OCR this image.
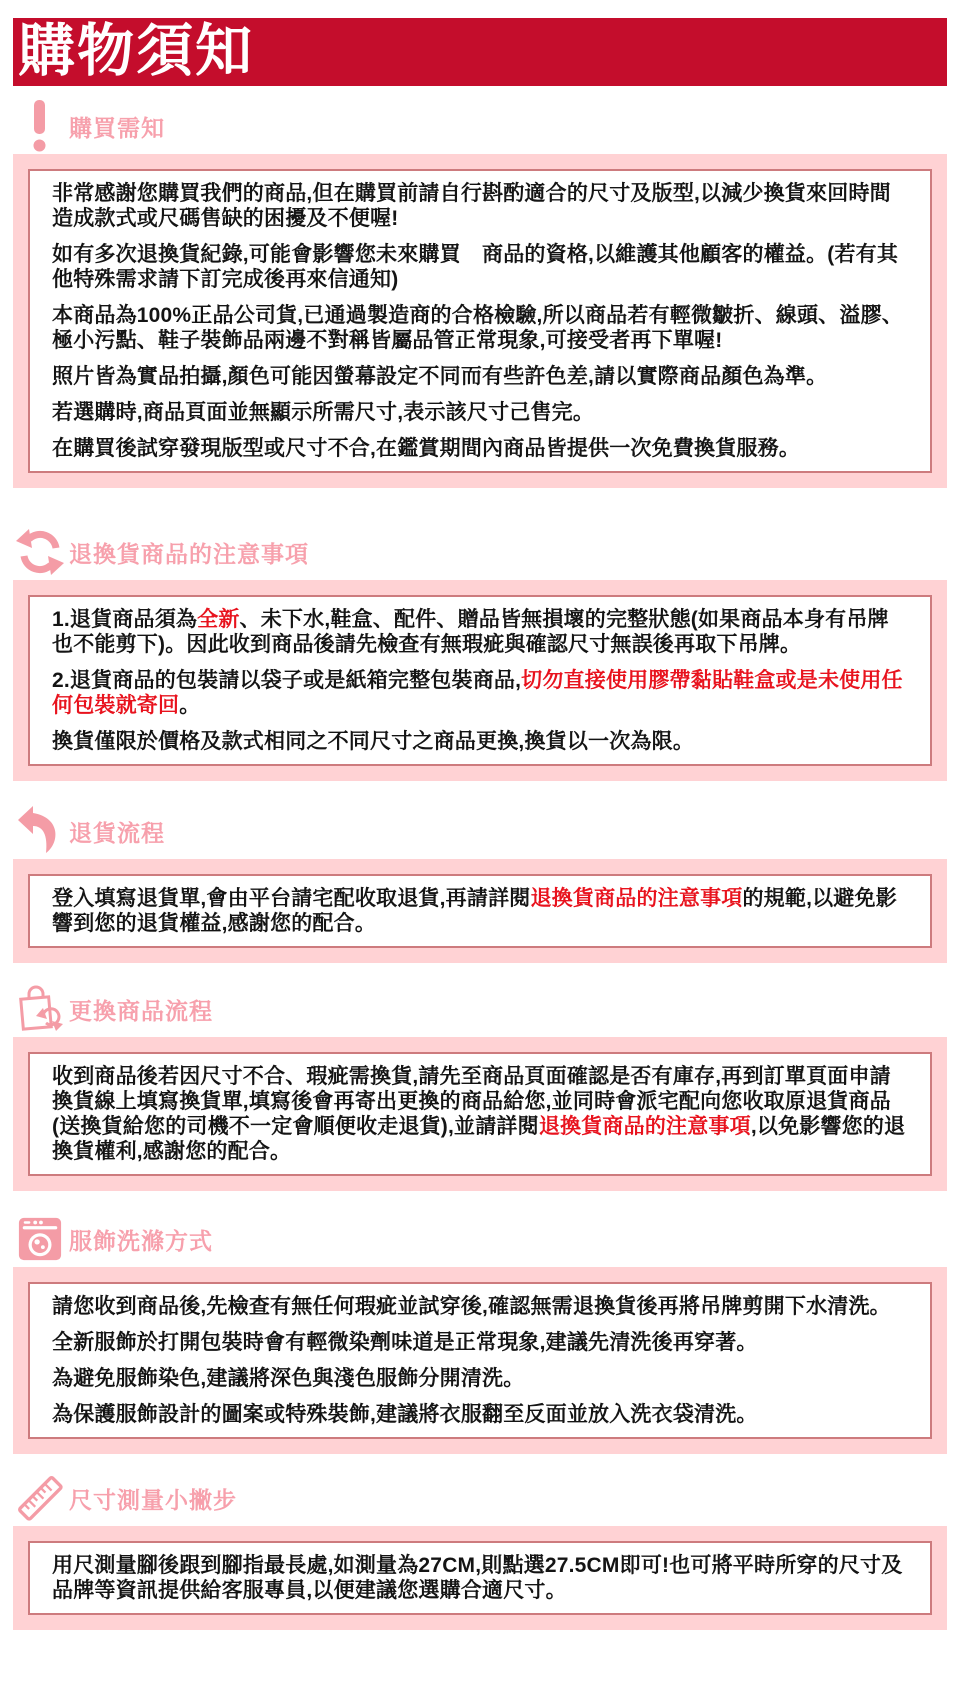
購物須知
購買需知

非常感謝您購買我們的商品,但在購買前請自行斟酌適合的尺寸及版型,以減少換貨來回時間造成款式或尺碼售缺的困擾及不便喔!

如有多次退換貨紀錄,可能會影響您未來購買　商品的資格,以維護其他顧客的權益。(若有其他特殊需求請下訂完成後再來信通知)

本商品為100%正品公司貨,已通過製造商的合格檢驗,所以商品若有輕微皺折、線頭、溢膠、極小污點、鞋子裝飾品兩邊不對稱皆屬品管正常現象,可接受者再下單喔!

照片皆為實品拍攝,顏色可能因螢幕設定不同而有些許色差,請以實際商品顏色為準。

若選購時,商品頁面並無顯示所需尺寸,表示該尺寸己售完。

在購買後試穿發現版型或尺寸不合,在鑑賞期間內商品皆提供一次免費換貨服務。

退換貨商品的注意事項

1.退貨商品須為全新、未下水,鞋盒、配件、贈品皆無損壞的完整狀態(如果商品本身有吊牌也不能剪下)。因此收到商品後請先檢查有無瑕疵與確認尺寸無誤後再取下吊牌。

2.退貨商品的包裝請以袋子或是紙箱完整包裝商品,切勿直接使用膠帶黏貼鞋盒或是未使用任何包裝就寄回。

換貨僅限於價格及款式相同之不同尺寸之商品更換,換貨以一次為限。

退貨流程

登入填寫退貨單,會由平台請宅配收取退貨,再請詳閱退換貨商品的注意事項的規範,以避免影響到您的退貨權益,感謝您的配合。

更換商品流程

收到商品後若因尺寸不合、瑕疵需換貨,請先至商品頁面確認是否有庫存,再到訂單頁面申請換貨線上填寫換貨單,填寫後會再寄出更換的商品給您,並同時會派宅配向您收取原退貨商品(送換貨給您的司機不一定會順便收走退貨),並請詳閱退換貨商品的注意事項,以免影響您的退換貨權利,感謝您的配合。

服飾洗滌方式

請您收到商品後,先檢查有無任何瑕疵並試穿後,確認無需退換貨後再將吊牌剪開下水清洗。

全新服飾於打開包裝時會有輕微染劑味道是正常現象,建議先清洗後再穿著。

為避免服飾染色,建議將深色與淺色服飾分開清洗。

為保護服飾設計的圖案或特殊裝飾,建議將衣服翻至反面並放入洗衣袋清洗。

尺寸測量小撇步

用尺測量腳後跟到腳指最長處,如測量為27CM,則點選27.5CM即可!也可將平時所穿的尺寸及品牌等資訊提供給客服專員,以便建議您選購合適尺寸。
